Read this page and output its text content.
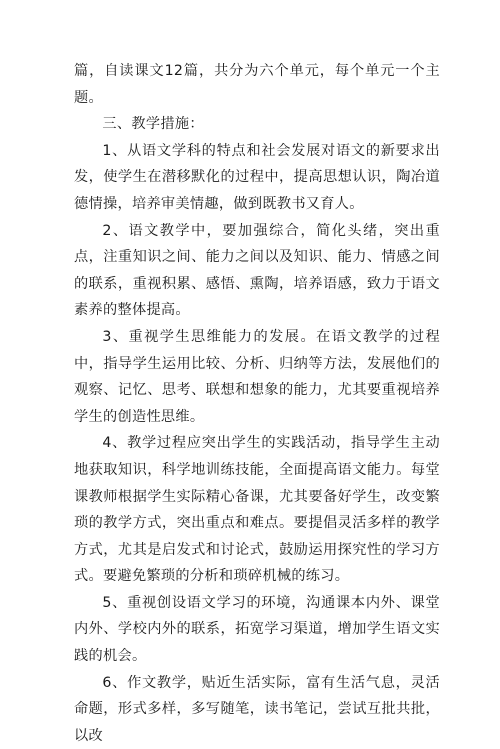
篇，自读课文12篇，共分为六个单元，每个单元一个主题。

三、教学措施：

1、从语文学科的特点和社会发展对语文的新要求出发，使学生在潜移默化的过程中，提高思想认识，陶冶道德情操，培养审美情趣，做到既教书又育人。

2、语文教学中，要加强综合，简化头绪，突出重点，注重知识之间、能力之间以及知识、能力、情感之间的联系，重视积累、感悟、熏陶，培养语感，致力于语文素养的整体提高。

3、重视学生思维能力的发展。在语文教学的过程中，指导学生运用比较、分析、归纳等方法，发展他们的观察、记忆、思考、联想和想象的能力，尤其要重视培养学生的创造性思维。

4、教学过程应突出学生的实践活动，指导学生主动地获取知识，科学地训练技能，全面提高语文能力。每堂课教师根据学生实际精心备课，尤其要备好学生，改变繁琐的教学方式，突出重点和难点。要提倡灵活多样的教学方式，尤其是启发式和讨论式，鼓励运用探究性的学习方式。要避免繁琐的分析和琐碎机械的练习。

5、重视创设语文学习的环境，沟通课本内外、课堂内外、学校内外的联系，拓宽学习渠道，增加学生语文实践的机会。

6、作文教学，贴近生活实际，富有生活气息，灵活命题，形式多样，多写随笔，读书笔记，尝试互批共批，以改
